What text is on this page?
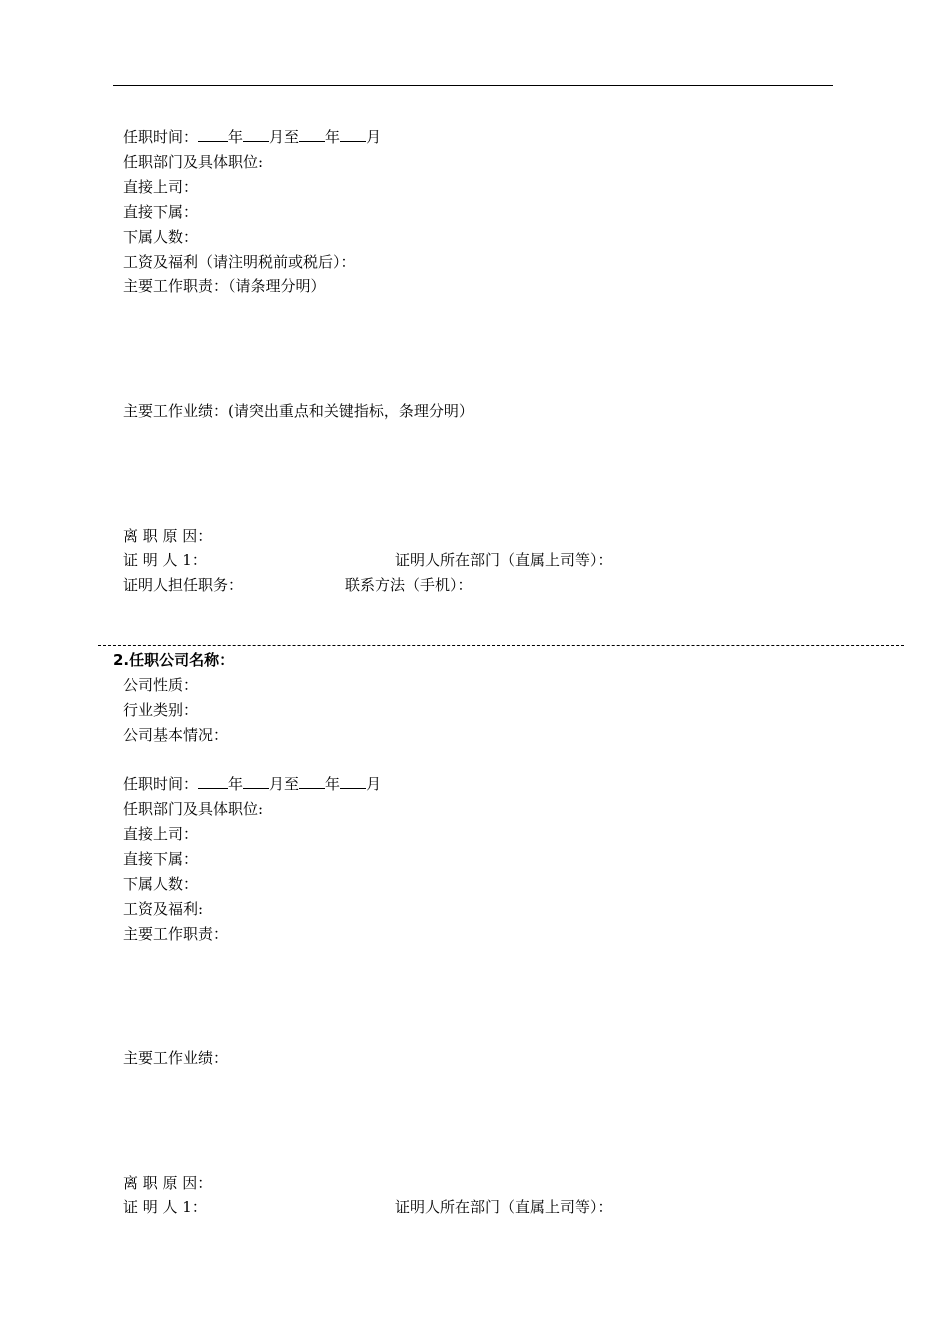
任职时间： 年 月至 年 月
任职部门及具体职位:
直接上司：
直接下属：
下属人数：
工资及福利（请注明税前或税后）：
主要工作职责：（请条理分明）
主要工作业绩：(请突出重点和关键指标，条理分明）
离 职 原 因：
证 明 人 1：	证明人所在部门（直属上司等）：
证明人担任职务：	联系方法（手机）：
2.任职公司名称：
公司性质：
行业类别：
公司基本情况：
任职时间： 年 月至 年 月
任职部门及具体职位:
直接上司：
直接下属：
下属人数：
工资及福利:
主要工作职责：
主要工作业绩：
离 职 原 因：
证 明 人 1：	证明人所在部门（直属上司等）：
